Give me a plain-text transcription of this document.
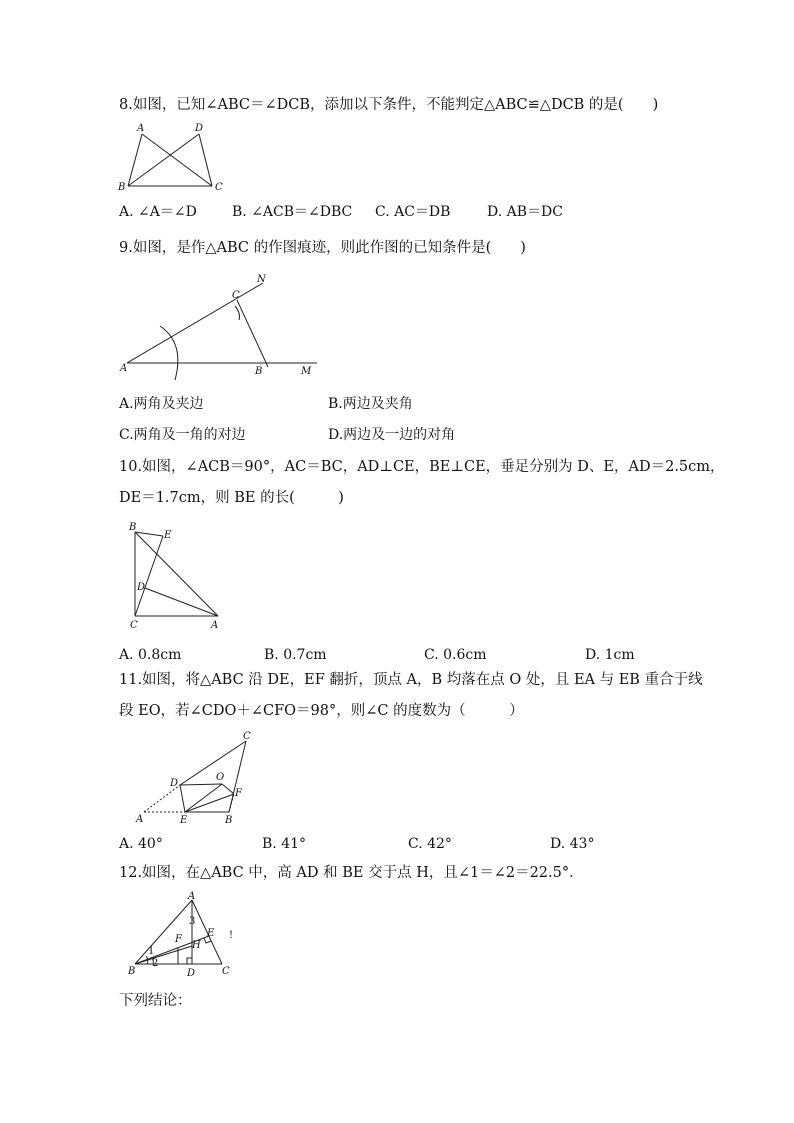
8.如图，已知∠ABC＝∠DCB，添加以下条件，不能判定△ABC≌△DCB 的是(　　)
A	D
B	C
A. ∠A＝∠D	B. ∠ACB＝∠DBC C. AC＝DB	D. AB＝DC
9.如图，是作△ABC 的作图痕迹，则此作图的已知条件是(　　)
A	B
C
M
N
A.两角及夹边	B.两边及夹角
C.两角及一角的对边	D.两边及一边的对角
10.如图，∠ACB＝90°，AC＝BC，AD⊥CE，BE⊥CE，垂足分别为 D、E，AD＝2.5cm，
DE＝1.7cm，则 BE 的长(　　　)
B
E
D
C	A
A. 0.8cm	B. 0.7cm	C. 0.6cm	D. 1cm
11.如图，将△ABC 沿 DE，EF 翻折，顶点 A，B 均落在点 O 处，且 EA 与 EB 重合于线
段 EO，若∠CDO＋∠CFO＝98°，则∠C 的度数为（　　　）
C
D
O
F
A	E	B
A. 40°	B. 41°	C. 42°	D. 43°
12.如图，在△ABC 中，高 AD 和 BE 交于点 H，且∠1＝∠2＝22.5°．
A
B	C
D
E
F
H
1
2
3
!
下列结论：
